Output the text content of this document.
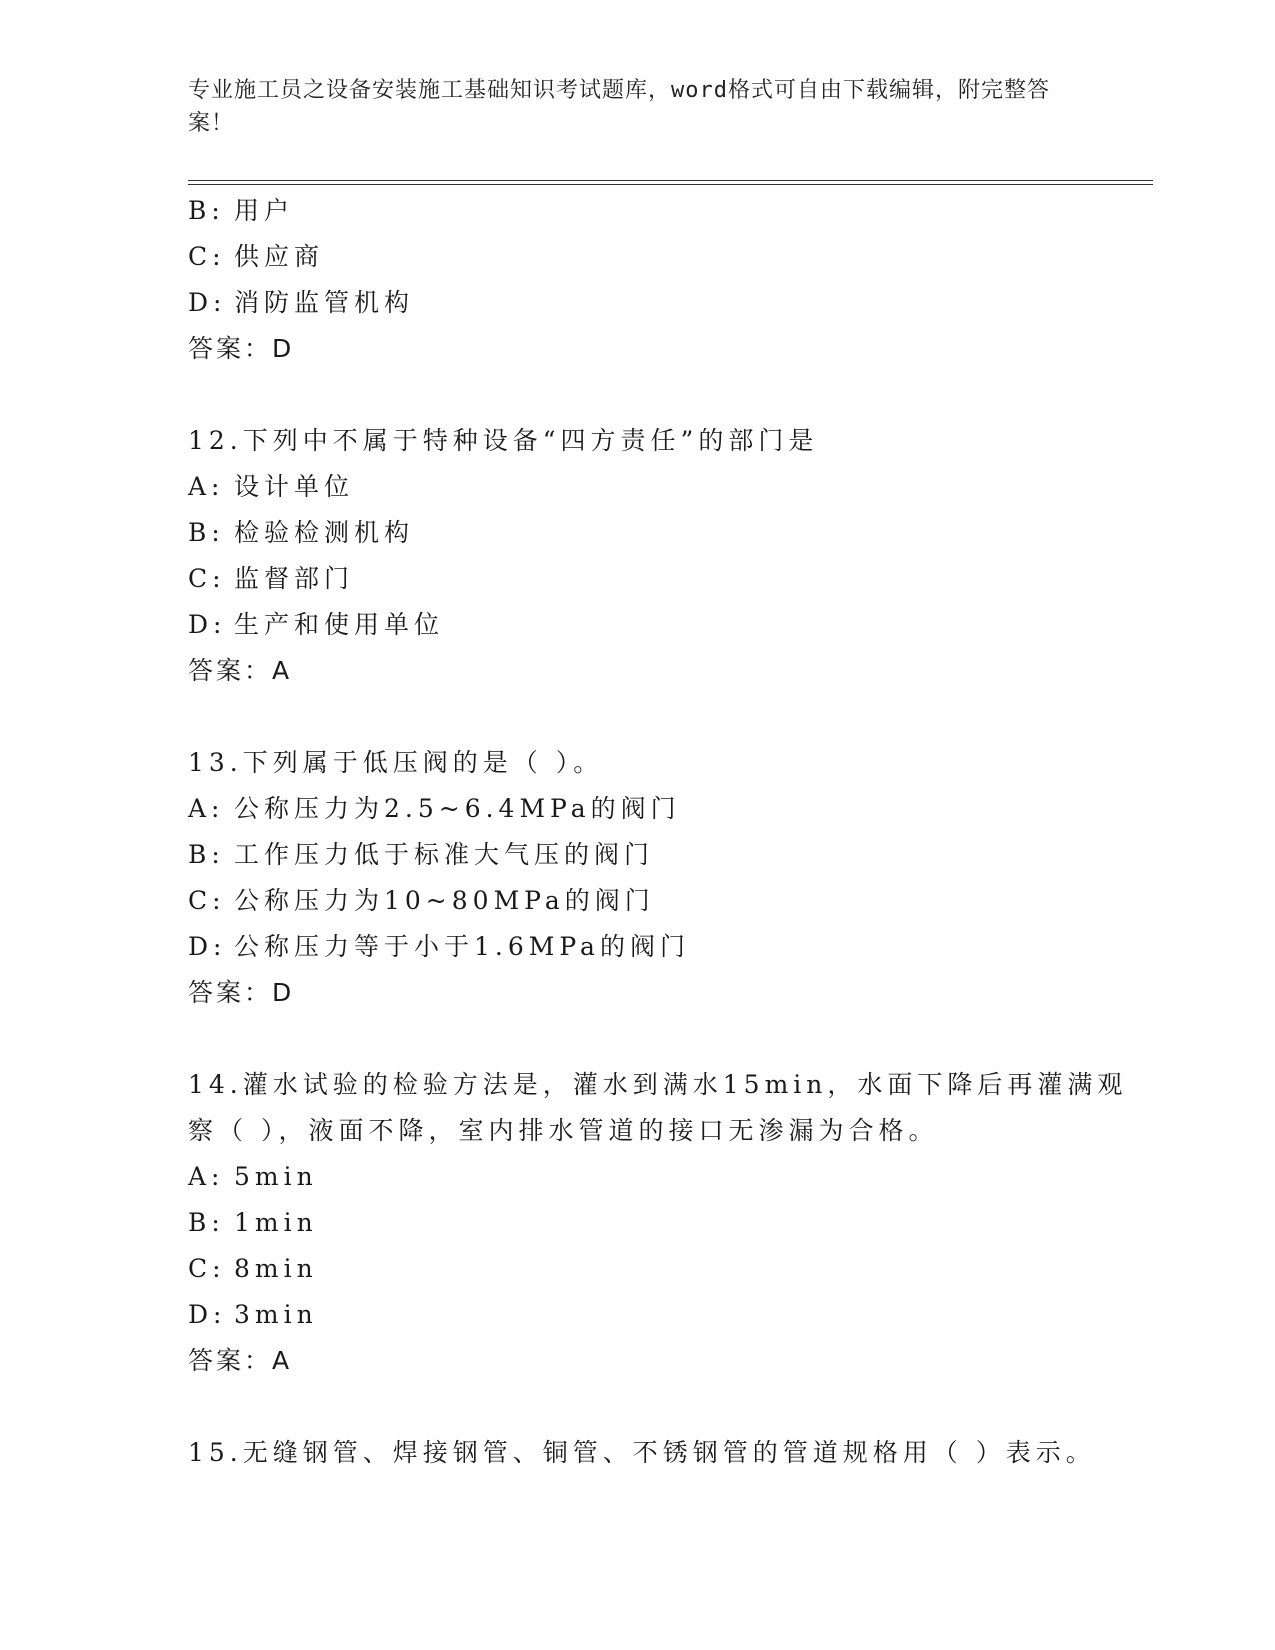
专业施工员之设备安装施工基础知识考试题库，word格式可自由下载编辑，附完整答案！
B: 用户
C: 供应商
D: 消防监管机构
答案：D
12.下列中不属于特种设备“四方责任”的部门是
A: 设计单位
B: 检验检测机构
C: 监督部门
D: 生产和使用单位
答案：A
13.下列属于低压阀的是（ ）。
A: 公称压力为2.5~6.4MPa的阀门
B: 工作压力低于标准大气压的阀门
C: 公称压力为10~80MPa的阀门
D: 公称压力等于小于1.6MPa的阀门
答案：D
14.灌水试验的检验方法是，灌水到满水15min，水面下降后再灌满观察（ ），液面不降，室内排水管道的接口无渗漏为合格。
A: 5min
B: 1min
C: 8min
D: 3min
答案：A
15.无缝钢管、焊接钢管、铜管、不锈钢管的管道规格用（ ）表示。
